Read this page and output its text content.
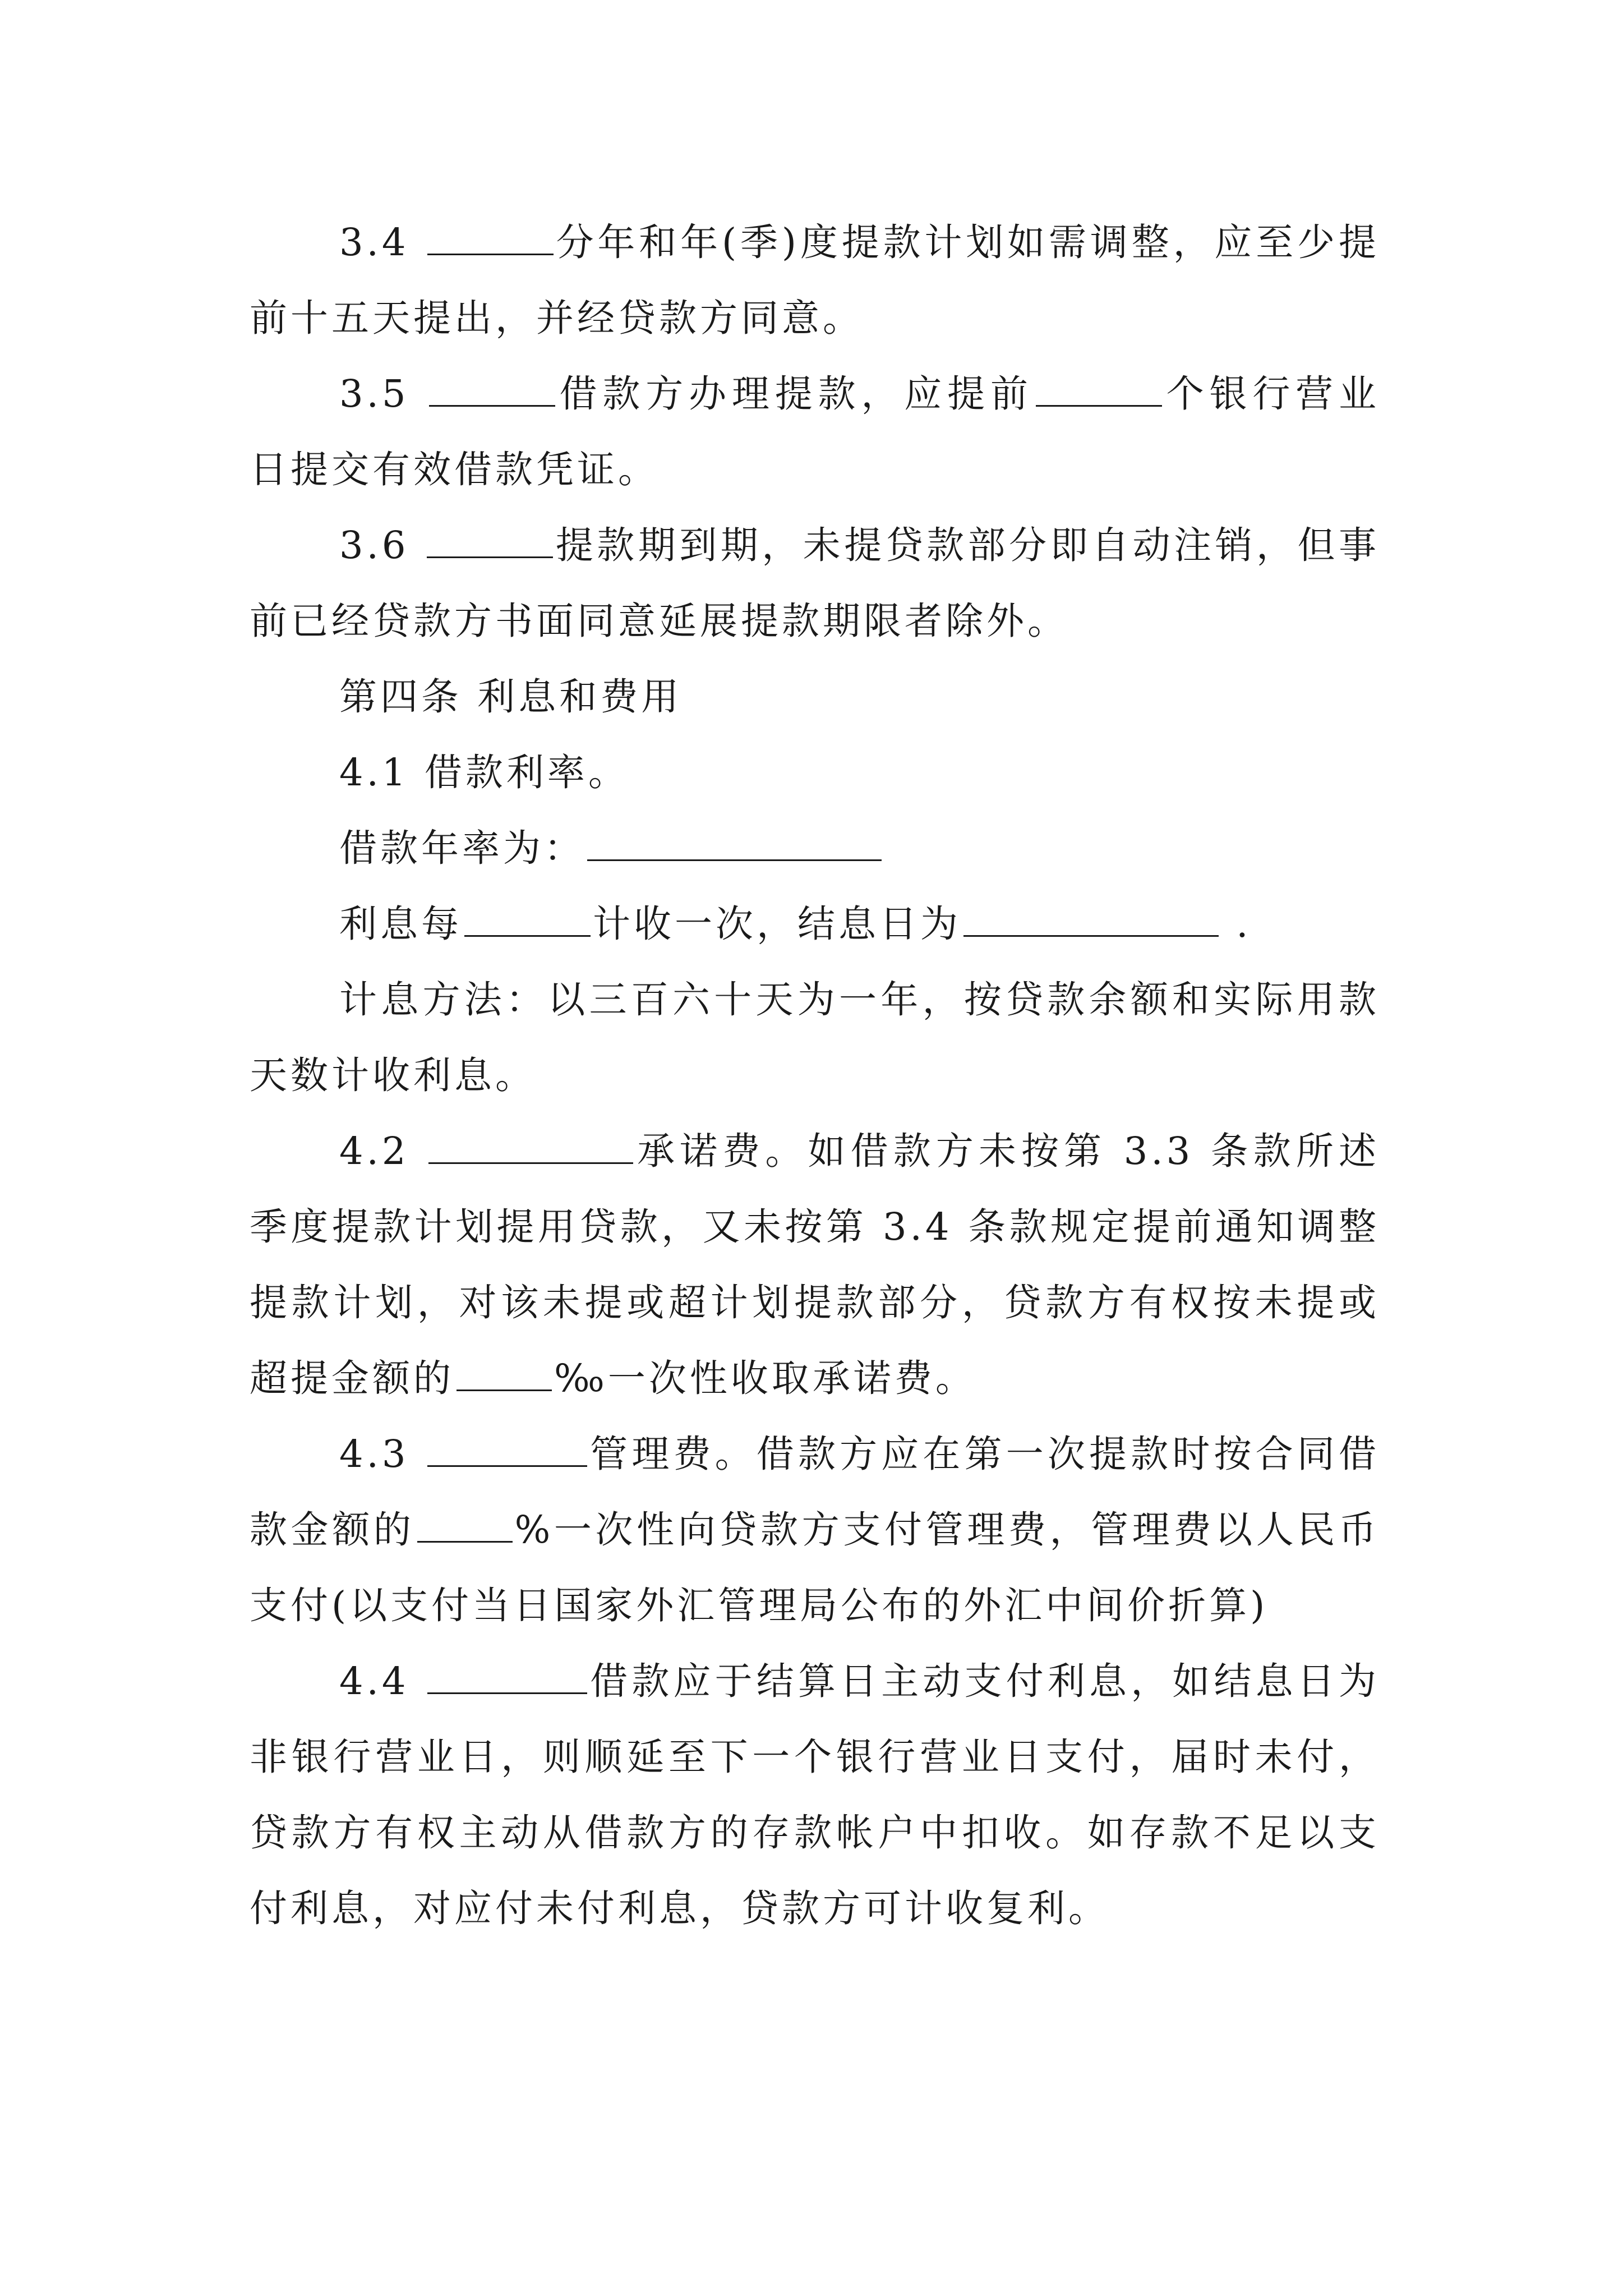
3.4	分年和年(季)度提款计划如需调整，应至少提前十五天提出，并经贷款方同意。

3.5	借款方办理提款，应提前	个银行营业日提交有效借款凭证。

3.6	提款期到期，未提贷款部分即自动注销，但事前已经贷款方书面同意延展提款期限者除外。

第四条 利息和费用

4.1 借款利率。

借款年率为：

利息每	计收一次，结息日为	.

计息方法：以三百六十天为一年，按贷款余额和实际用款天数计收利息。

4.2	承诺费。如借款方未按第 3.3 条款所述季度提款计划提用贷款，又未按第 3.4 条款规定提前通知调整提款计划，对该未提或超计划提款部分，贷款方有权按未提或超提金额的	‰一次性收取承诺费。

4.3	管理费。借款方应在第一次提款时按合同借款金额的	%一次性向贷款方支付管理费，管理费以人民币支付(以支付当日国家外汇管理局公布的外汇中间价折算)

4.4	借款应于结算日主动支付利息，如结息日为非银行营业日，则顺延至下一个银行营业日支付，届时未付，贷款方有权主动从借款方的存款帐户中扣收。如存款不足以支付利息，对应付未付利息，贷款方可计收复利。
